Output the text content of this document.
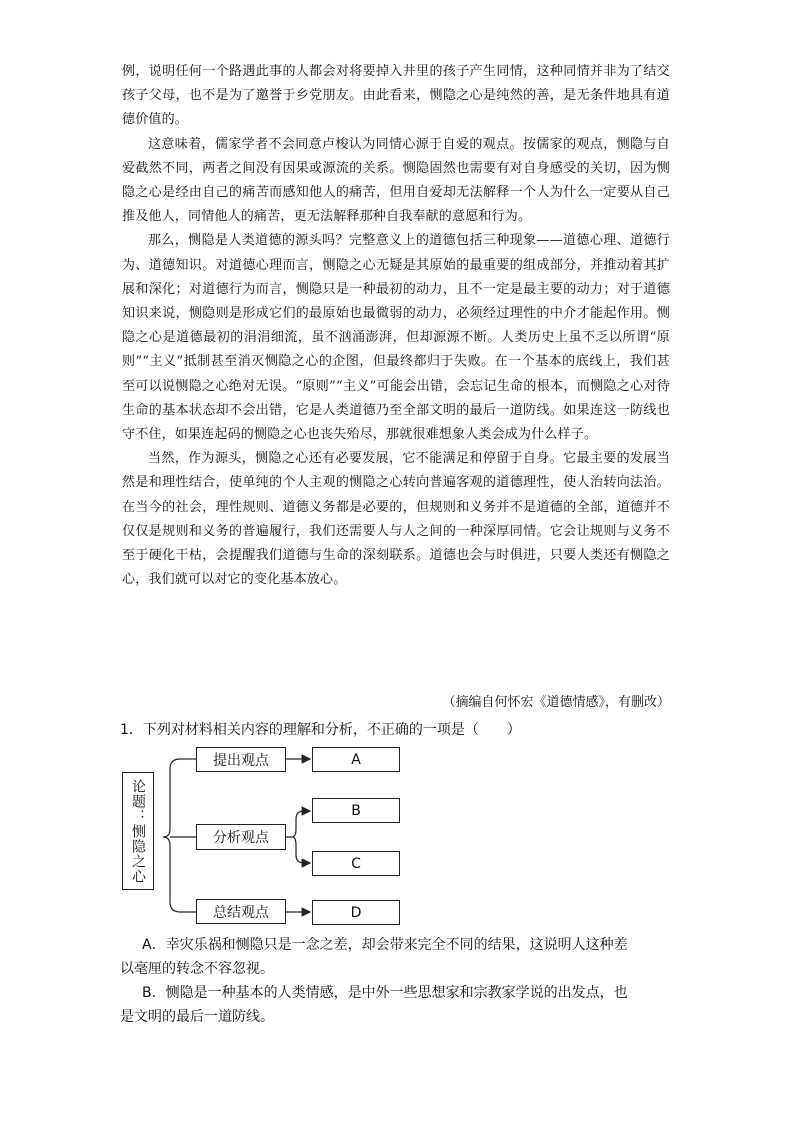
例，说明任何一个路遇此事的人都会对将要掉入井里的孩子产生同情，这种同情并非为了结交孩子父母，也不是为了邀誉于乡党朋友。由此看来，恻隐之心是纯然的善，是无条件地具有道德价值的。

这意味着，儒家学者不会同意卢梭认为同情心源于自爱的观点。按儒家的观点，恻隐与自爱截然不同，两者之间没有因果或源流的关系。恻隐固然也需要有对自身感受的关切，因为恻隐之心是经由自己的痛苦而感知他人的痛苦，但用自爱却无法解释一个人为什么一定要从自己推及他人，同情他人的痛苦，更无法解释那种自我奉献的意愿和行为。

那么，恻隐是人类道德的源头吗？完整意义上的道德包括三种现象——道德心理、道德行为、道德知识。对道德心理而言，恻隐之心无疑是其原始的最重要的组成部分，并推动着其扩展和深化；对道德行为而言，恻隐只是一种最初的动力，且不一定是最主要的动力；对于道德知识来说，恻隐则是形成它们的最原始也最微弱的动力，必须经过理性的中介才能起作用。恻隐之心是道德最初的涓涓细流，虽不汹涌澎湃，但却源源不断。人类历史上虽不乏以所谓“原则”“主义”抵制甚至消灭恻隐之心的企图，但最终都归于失败。在一个基本的底线上，我们甚至可以说恻隐之心绝对无误。“原则”“主义”可能会出错，会忘记生命的根本，而恻隐之心对待生命的基本状态却不会出错，它是人类道德乃至全部文明的最后一道防线。如果连这一防线也守不住，如果连起码的恻隐之心也丧失殆尽，那就很难想象人类会成为什么样子。

当然，作为源头，恻隐之心还有必要发展，它不能满足和停留于自身。它最主要的发展当然是和理性结合，使单纯的个人主观的恻隐之心转向普遍客观的道德理性，使人治转向法治。在当今的社会，理性规则、道德义务都是必要的，但规则和义务并不是道德的全部，道德并不仅仅是规则和义务的普遍履行，我们还需要人与人之间的一种深厚同情。它会让规则与义务不至于硬化干枯，会提醒我们道德与生命的深刻联系。道德也会与时俱进，只要人类还有恻隐之心，我们就可以对它的变化基本放心。

（摘编自何怀宏《道德情感》，有删改）
1．下列对材料相关内容的理解和分析，不正确的一项是（　　）
论题：恻隐之心
提出观点
分析观点
总结观点
A
B
C
D

A．幸灾乐祸和恻隐只是一念之差，却会带来完全不同的结果，这说明人这种差

以毫厘的转念不容忽视。

B．恻隐是一种基本的人类情感，是中外一些思想家和宗教家学说的出发点，也

是文明的最后一道防线。
